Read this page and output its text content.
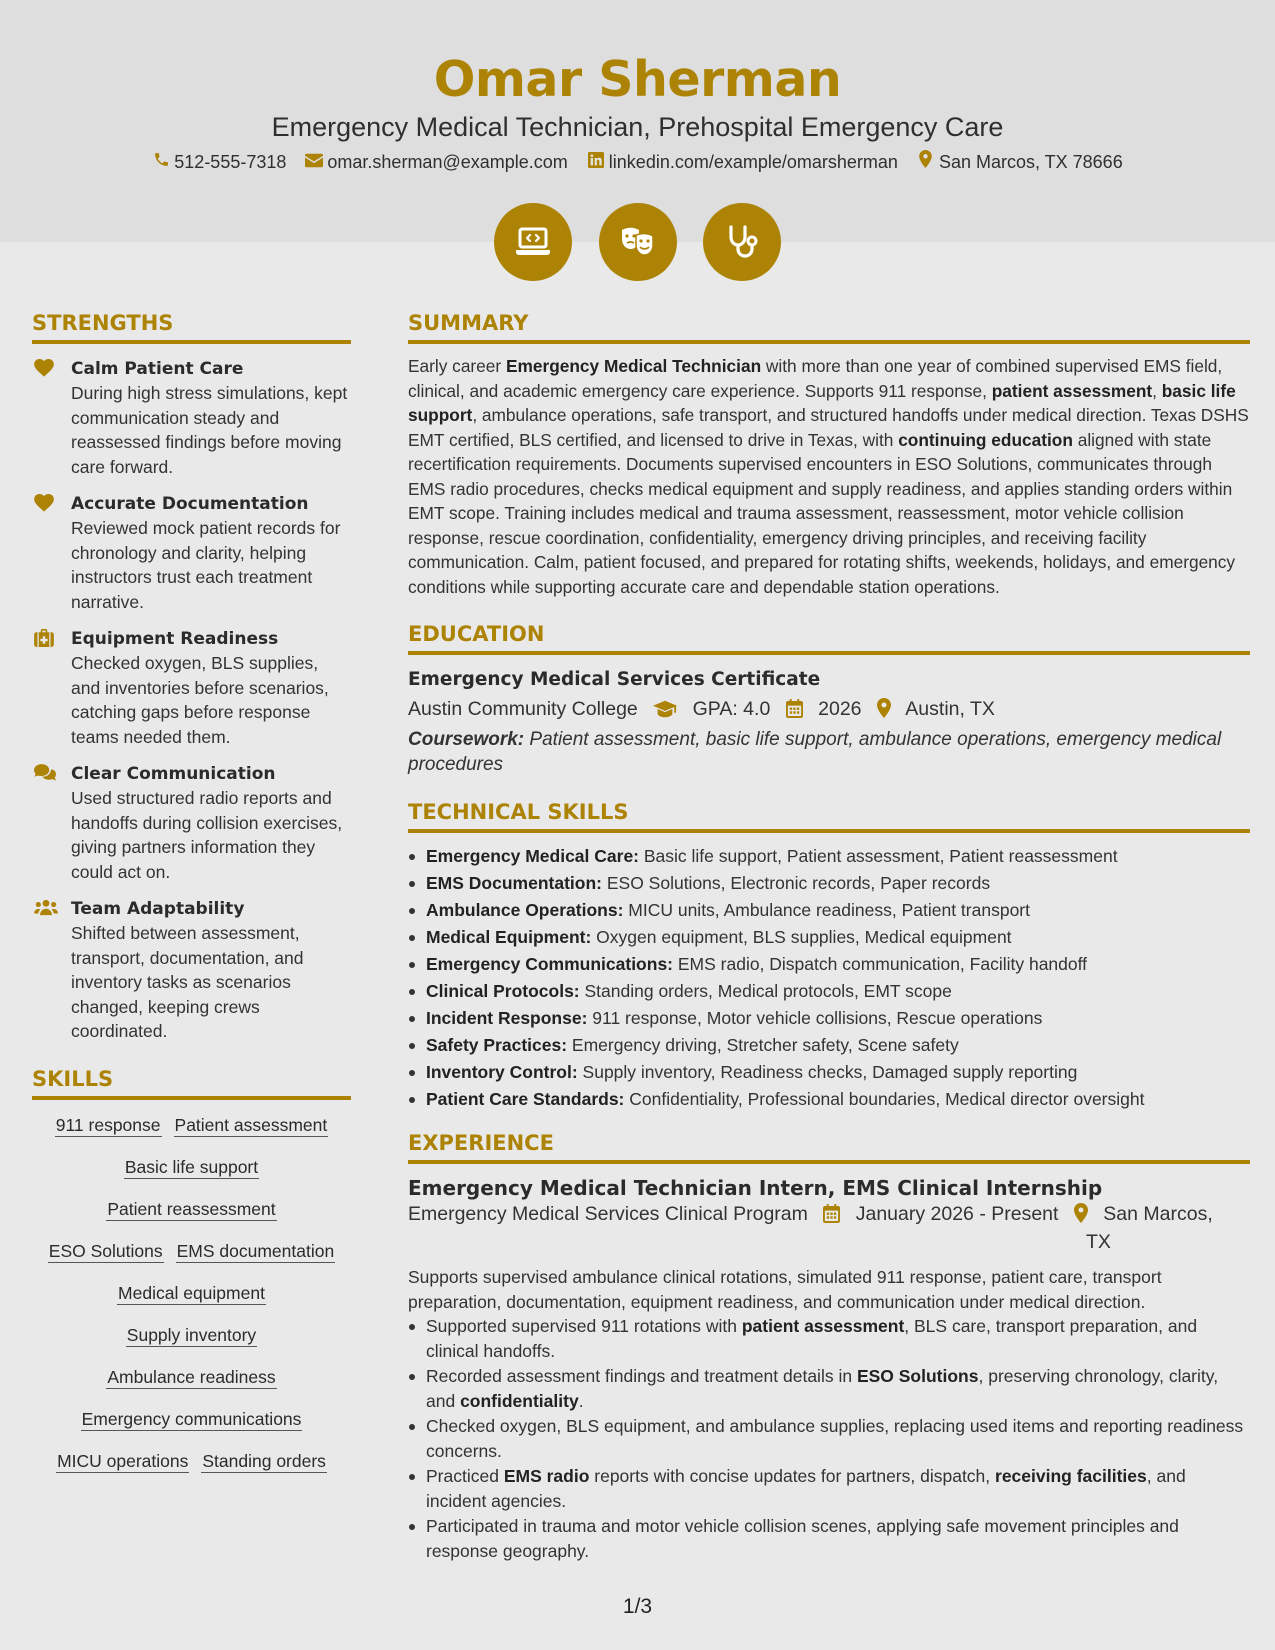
Omar Sherman
Emergency Medical Technician, Prehospital Emergency Care
512-555-7318 omar.sherman@example.com linkedin.com/example/omarsherman San Marcos, TX 78666

STRENGTHS
Calm Patient Care
During high stress simulations, kept communication steady and reassessed findings before moving care forward.
Accurate Documentation
Reviewed mock patient records for chronology and clarity, helping instructors trust each treatment narrative.
Equipment Readiness
Checked oxygen, BLS supplies, and inventories before scenarios, catching gaps before response teams needed them.
Clear Communication
Used structured radio reports and handoffs during collision exercises, giving partners information they could act on.
Team Adaptability
Shifted between assessment, transport, documentation, and inventory tasks as scenarios changed, keeping crews coordinated.
SKILLS
911 response Patient assessment
Basic life support
Patient reassessment
ESO Solutions EMS documentation
Medical equipment
Supply inventory
Ambulance readiness
Emergency communications
MICU operations Standing orders
SUMMARY
Early career Emergency Medical Technician with more than one year of combined supervised EMS field, clinical, and academic emergency care experience. Supports 911 response, patient assessment, basic life support, ambulance operations, safe transport, and structured handoffs under medical direction. Texas DSHS EMT certified, BLS certified, and licensed to drive in Texas, with continuing education aligned with state recertification requirements. Documents supervised encounters in ESO Solutions, communicates through EMS radio procedures, checks medical equipment and supply readiness, and applies standing orders within EMT scope. Training includes medical and trauma assessment, reassessment, motor vehicle collision response, rescue coordination, confidentiality, emergency driving principles, and receiving facility communication. Calm, patient focused, and prepared for rotating shifts, weekends, holidays, and emergency conditions while supporting accurate care and dependable station operations.
EDUCATION
Emergency Medical Services Certificate
Austin Community College	GPA: 4.0 2026 Austin, TX
Coursework: Patient assessment, basic life support, ambulance operations, emergency medical procedures
TECHNICAL SKILLS
Emergency Medical Care: Basic life support, Patient assessment, Patient reassessment
EMS Documentation: ESO Solutions, Electronic records, Paper records
Ambulance Operations: MICU units, Ambulance readiness, Patient transport
Medical Equipment: Oxygen equipment, BLS supplies, Medical equipment
Emergency Communications: EMS radio, Dispatch communication, Facility handoff
Clinical Protocols: Standing orders, Medical protocols, EMT scope
Incident Response: 911 response, Motor vehicle collisions, Rescue operations
Safety Practices: Emergency driving, Stretcher safety, Scene safety
Inventory Control: Supply inventory, Readiness checks, Damaged supply reporting
Patient Care Standards: Confidentiality, Professional boundaries, Medical director oversight
EXPERIENCE
Emergency Medical Technician Intern, EMS Clinical Internship
Emergency Medical Services Clinical Program January 2026 - Present San Marcos,
TX
Supports supervised ambulance clinical rotations, simulated 911 response, patient care, transport preparation, documentation, equipment readiness, and communication under medical direction.
Supported supervised 911 rotations with patient assessment, BLS care, transport preparation, and clinical handoffs.
Recorded assessment findings and treatment details in ESO Solutions, preserving chronology, clarity, and confidentiality.
Checked oxygen, BLS equipment, and ambulance supplies, replacing used items and reporting readiness concerns.
Practiced EMS radio reports with concise updates for partners, dispatch, receiving facilities, and incident agencies.
Participated in trauma and motor vehicle collision scenes, applying safe movement principles and response geography.
1/3
